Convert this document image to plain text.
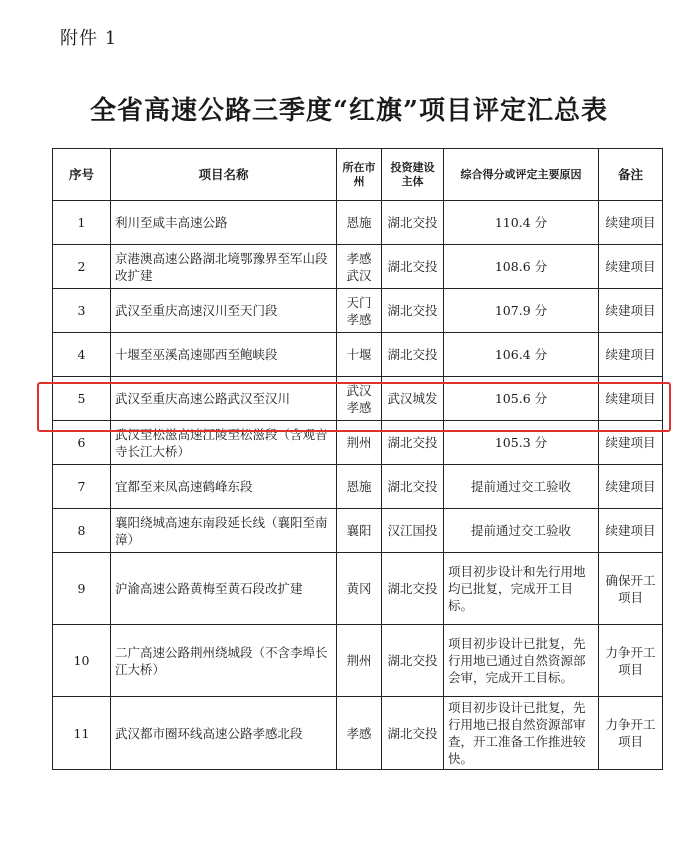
附件 1
全省高速公路三季度“红旗”项目评定汇总表
序号	项目名称	所在市州	投资建设主体	综合得分或评定主要原因	备注
1	利川至咸丰高速公路	恩施	湖北交投	110.4 分	续建项目
2	京港澳高速公路湖北境鄂豫界至军山段改扩建	孝感武汉	湖北交投	108.6 分	续建项目
3	武汉至重庆高速汉川至天门段	天门孝感	湖北交投	107.9 分	续建项目
4	十堰至巫溪高速郧西至鲍峡段	十堰	湖北交投	106.4 分	续建项目
5	武汉至重庆高速公路武汉至汉川	武汉孝感	武汉城发	105.6 分	续建项目
6	武汉至松滋高速江陵至松滋段（含观音寺长江大桥）	荆州	湖北交投	105.3 分	续建项目
7	宜都至来凤高速鹤峰东段	恩施	湖北交投	提前通过交工验收	续建项目
8	襄阳绕城高速东南段延长线（襄阳至南漳）	襄阳	汉江国投	提前通过交工验收	续建项目
9	沪渝高速公路黄梅至黄石段改扩建	黄冈	湖北交投	项目初步设计和先行用地均已批复，完成开工目标。	确保开工项目
10	二广高速公路荆州绕城段（不含李埠长江大桥）	荆州	湖北交投	项目初步设计已批复，先行用地已通过自然资源部会审，完成开工目标。	力争开工项目
11	武汉都市圈环线高速公路孝感北段	孝感	湖北交投	项目初步设计已批复，先行用地已报自然资源部审查，开工准备工作推进较快。	力争开工项目
